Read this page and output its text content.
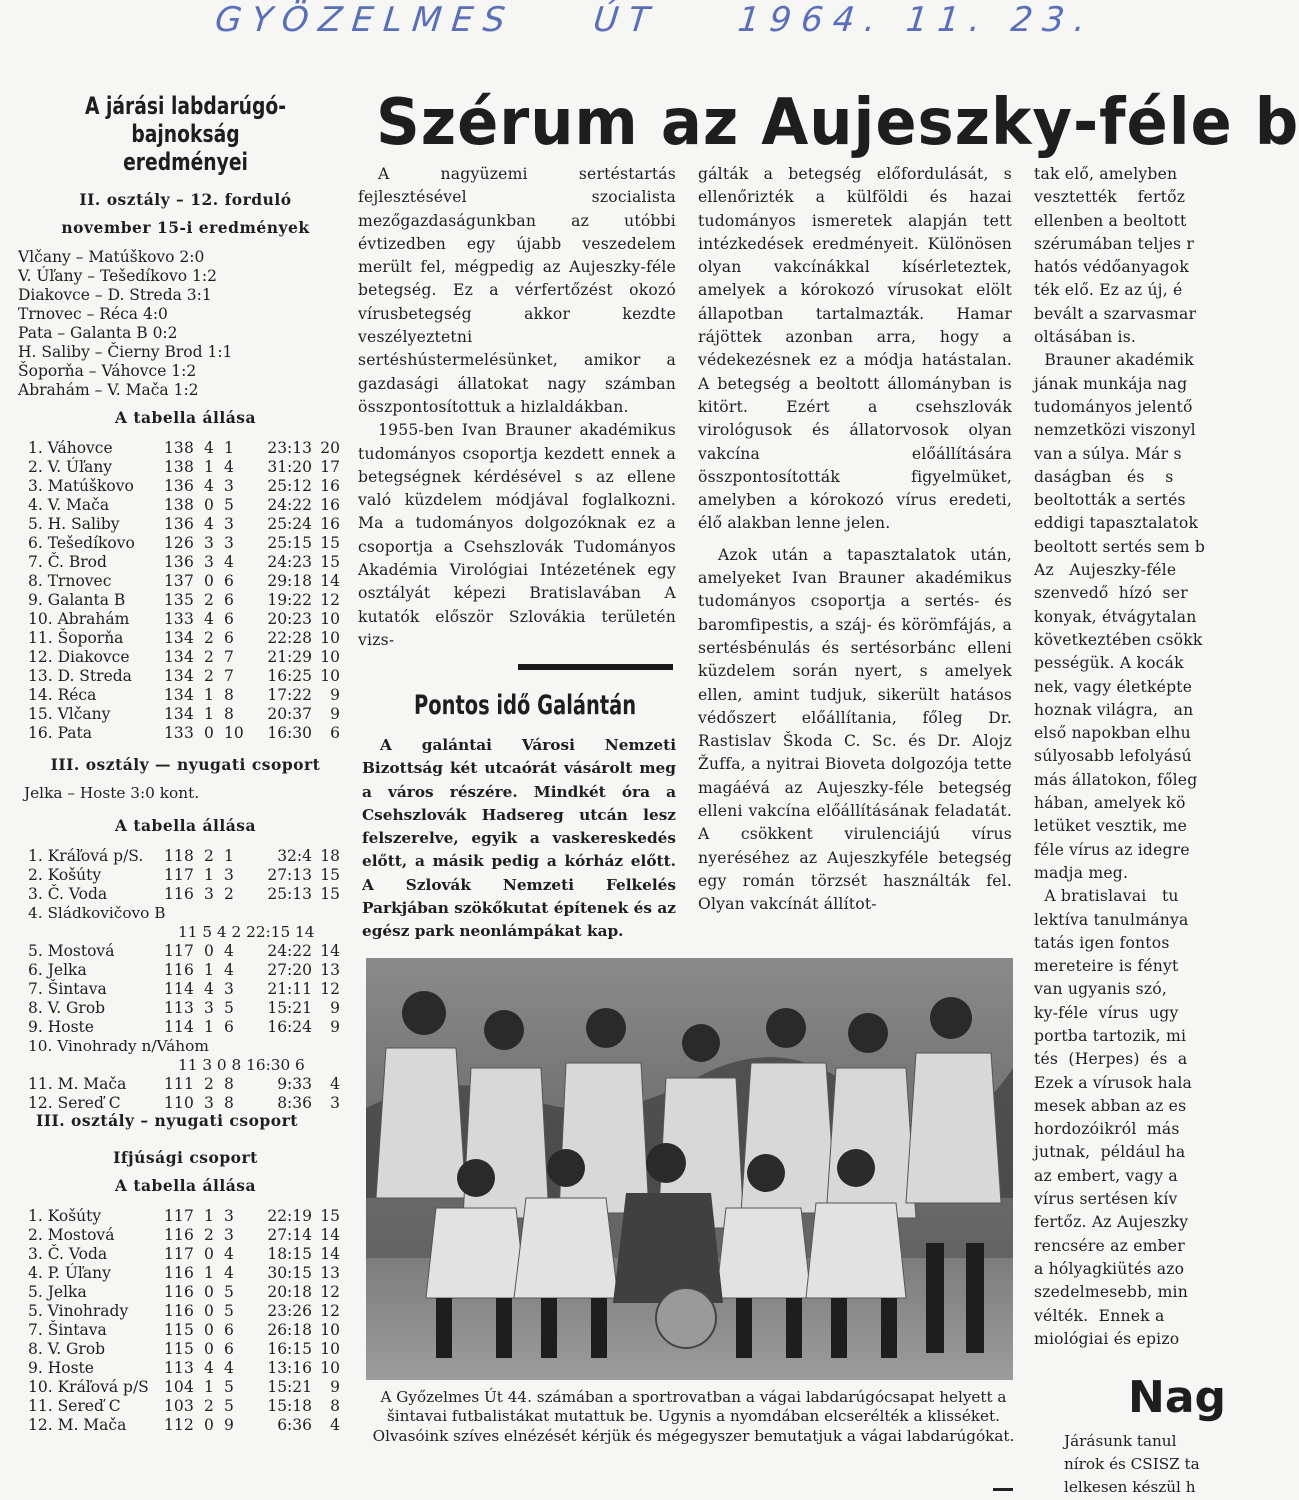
GYÖZELMES ÚT 1964. 11. 23.
A járási labdarúgó-bajnokság
eredményei
II. osztály – 12. forduló
november 15-i eredmények
Vlčany – Matúškovo 2:0
V. Úľany – Tešedíkovo 1:2
Diakovce – D. Streda 3:1
Trnovec – Réca 4:0
Pata – Galanta B 0:2
H. Saliby – Čierny Brod 1:1
Šoporňa – Váhovce 1:2
Abrahám – V. Mača 1:2
A tabella állása
1. Váhovce	13	8	4	1	23:13	20
2. V. Úľany	13	8	1	4	31:20	17
3. Matúškovo	13	6	4	3	25:12	16
4. V. Mača	13	8	0	5	24:22	16
5. H. Saliby	13	6	4	3	25:24	16
6. Tešedíkovo	12	6	3	3	25:15	15
7. Č. Brod	13	6	3	4	24:23	15
8. Trnovec	13	7	0	6	29:18	14
9. Galanta B	13	5	2	6	19:22	12
10. Abrahám	13	3	4	6	20:23	10
11. Šoporňa	13	4	2	6	22:28	10
12. Diakovce	13	4	2	7	21:29	10
13. D. Streda	13	4	2	7	16:25	10
14. Réca	13	4	1	8	17:22	9
15. Vlčany	13	4	1	8	20:37	9
16. Pata	13	3	0	10	16:30	6
III. osztály — nyugati csoport
Jelka – Hoste 3:0 kont.
A tabella állása
1. Kráľová p/S.	11	8	2	1	32:4	18
2. Košúty	11	7	1	3	27:13	15
3. Č. Voda	11	6	3	2	25:13	15
4. Sládkovičovo B
11 5 4 2 22:15 14
5. Mostová	11	7	0	4	24:22	14
6. Jelka	11	6	1	4	27:20	13
7. Šintava	11	4	4	3	21:11	12
8. V. Grob	11	3	3	5	15:21	9
9. Hoste	11	4	1	6	16:24	9
10. Vinohrady n/Váhom
11 3 0 8 16:30 6
11. M. Mača	11	1	2	8	9:33	4
12. Sereď C	11	0	3	8	8:36	3
III. osztály – nyugati csoport
Ifjúsági csoport
A tabella állása
1. Košúty	11	7	1	3	22:19	15
2. Mostová	11	6	2	3	27:14	14
3. Č. Voda	11	7	0	4	18:15	14
4. P. Úľany	11	6	1	4	30:15	13
5. Jelka	11	6	0	5	20:18	12
5. Vinohrady	11	6	0	5	23:26	12
7. Šintava	11	5	0	6	26:18	10
8. V. Grob	11	5	0	6	16:15	10
9. Hoste	11	3	4	4	13:16	10
10. Kráľová p/S	10	4	1	5	15:21	9
11. Sereď C	10	3	2	5	15:18	8
12. M. Mača	11	2	0	9	6:36	4
Szérum az Aujeszky-féle b

A nagyüzemi sertéstartás fejlesztésével szocialista mezőgazdaságunkban az utóbbi évtizedben egy újabb veszedelem merült fel, mégpedig az Aujeszky-féle betegség. Ez a vérfertőzést okozó vírusbetegség akkor kezdte veszélyeztetni sertéshústermelésünket, amikor a gazdasági állatokat nagy számban összpontosítottuk a hizlaldákban.

1955-ben Ivan Brauner akadémikus tudományos csoportja kezdett ennek a betegségnek kérdésével s az ellene való küzdelem módjával foglalkozni. Ma a tudományos dolgozóknak ez a csoportja a Csehszlovák Tudományos Akadémia Virológiai Intézetének egy osztályát képezi Bratislavában A kutatók először Szlovákia területén vizs-

Pontos idő Galántán

A galántai Városi Nemzeti Bizottság két utcaórát vásárolt meg a város részére. Mindkét óra a Csehszlovák Hadsereg utcán lesz felszerelve, egyik a vaskereskedés előtt, a másik pedig a kórház előtt. A Szlovák Nemzeti Felkelés Parkjában szökőkutat építenek és az egész park neonlámpákat kap.

gálták a betegség előfordulását, s ellenőrizték a külföldi és hazai tudományos ismeretek alapján tett intézkedések eredményeit. Különösen olyan vakcínákkal kísérleteztek, amelyek a kórokozó vírusokat elölt állapotban tartalmazták. Hamar rájöttek azonban arra, hogy a védekezésnek ez a módja hatástalan. A betegség a beoltott állományban is kitört. Ezért a csehszlovák virológusok és állatorvosok olyan vakcína előállítására összpontosították figyelmüket, amelyben a kórokozó vírus eredeti, élő alakban lenne jelen.

Azok után a tapasztalatok után, amelyeket Ivan Brauner akadémikus tudományos csoportja a sertés- és baromfipestis, a száj- és körömfájás, a sertésbénulás és sertésorbánc elleni küzdelem során nyert, s amelyek ellen, amint tudjuk, sikerült hatásos védőszert előállítania, főleg Dr. Rastislav Škoda C. Sc. és Dr. Alojz Žuffa, a nyitrai Bioveta dolgozója tette magáévá az Aujeszky-féle betegség elleni vakcína előállításának feladatát. A csökkent virulenciájú vírus nyeréséhez az Aujeszkyféle betegség egy román törzsét használták fel. Olyan vakcínát állítot-

tak elő, amelyben
vesztették    fertőz
ellenben a beoltott
szérumában teljes r
hatós védőanyagok
ték elő. Ez az új, é
bevált a szarvasmar
oltásában is.
Brauner akadémik
jának munkája nag
tudományos jelentő
nemzetközi viszonyl
van a súlya. Már s
daságban   és    s
beoltották a sertés
eddigi tapasztalatok
beoltott sertés sem b
Az   Aujeszky-féle
szenvedő  hízó  ser
konyak, étvágytalan
következtében csökk
pességük. A kocák
nek, vagy életképte
hoznak világra,   an
első napokban elhu
súlyosabb lefolyású
más állatokon, főleg
hában, amelyek kö
letüket vesztik, me
féle vírus az idegre
madja meg.
A bratislavai   tu
lektíva tanulmánya
tatás igen fontos
mereteire is fényt
van ugyanis szó,
ky-féle  vírus  ugy
portba tartozik, mi
tés  (Herpes)  és  a
Ezek a vírusok hala
mesek abban az es
hordozóikról  más
jutnak,  például ha
az embert, vagy a
vírus sertésen kív
fertőz. Az Aujeszky
rencsére az ember
a hólyagkiütés azo
szedelmesebb, min
vélték.  Ennek a
miológiai és epizo
A Győzelmes Út 44. számában a sportrovatban a vágai labdarúgócsapat helyett a šintavai futbalistákat mutattuk be. Ugynis a nyomdában elcserélték a klisséket. Olvasóink szíves elnézését kérjük és mégegyszer bemutatjuk a vágai labdarúgókat.
Nag
Járásunk tanul
nírok és CSISZ ta
lelkesen készül h
